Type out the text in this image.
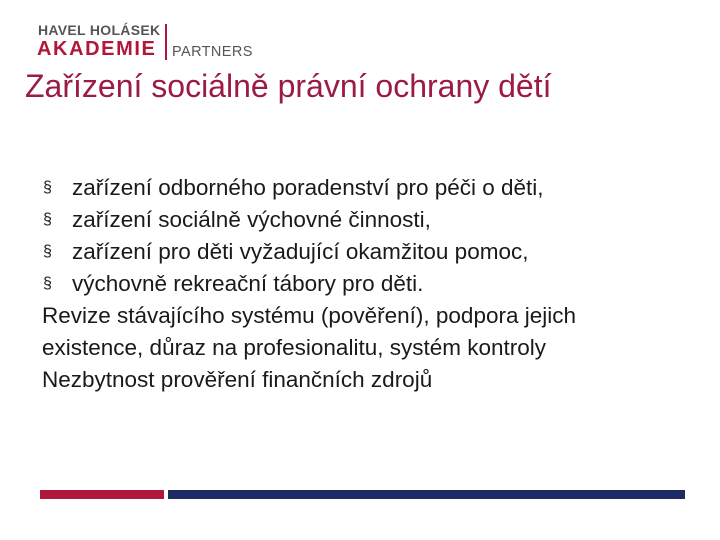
HAVEL HOLÁSEK
AKADEMIE PARTNERS
Zařízení sociálně právní ochrany dětí
§ zařízení odborného poradenství pro péči o děti,
§ zařízení sociálně výchovné činnosti,
§ zařízení pro děti vyžadující okamžitou pomoc,
§ výchovně rekreační tábory pro děti.

Revize stávajícího systému (pověření), podpora jejich existence, důraz na profesionalitu, systém kontroly

Nezbytnost prověření finančních zdrojů
